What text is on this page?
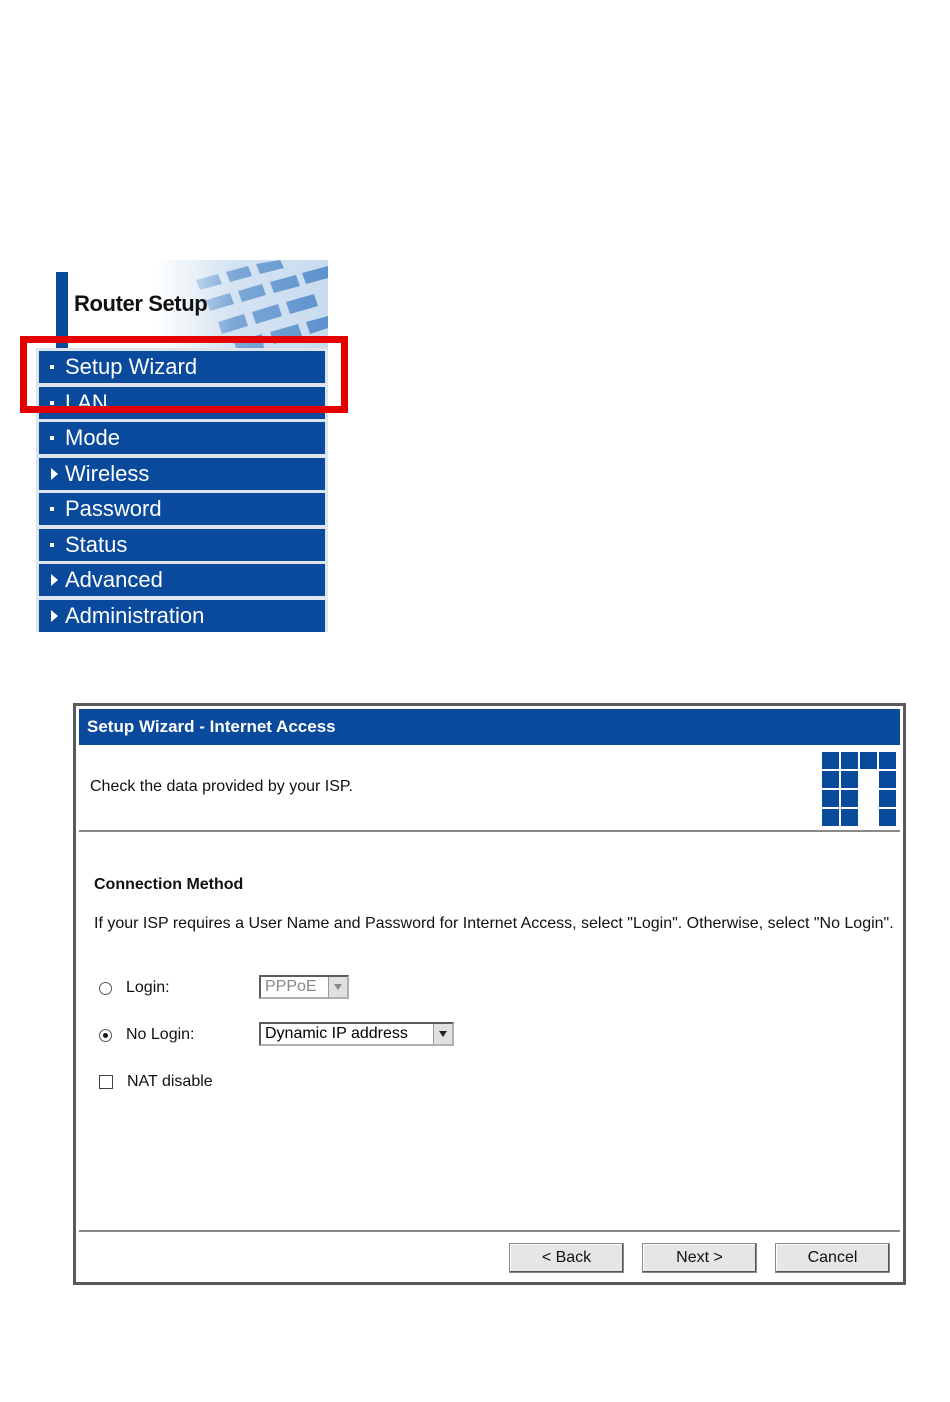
Router Setup
Setup Wizard
LAN
Mode
Wireless
Password
Status
Advanced
Administration
Setup Wizard - Internet Access
Check the data provided by your ISP.
Connection Method
If your ISP requires a User Name and Password for Internet Access, select "Login". Otherwise, select "No Login".
Login:	PPPoE
No Login:	Dynamic IP address
NAT disable
< Back	Next >	Cancel
